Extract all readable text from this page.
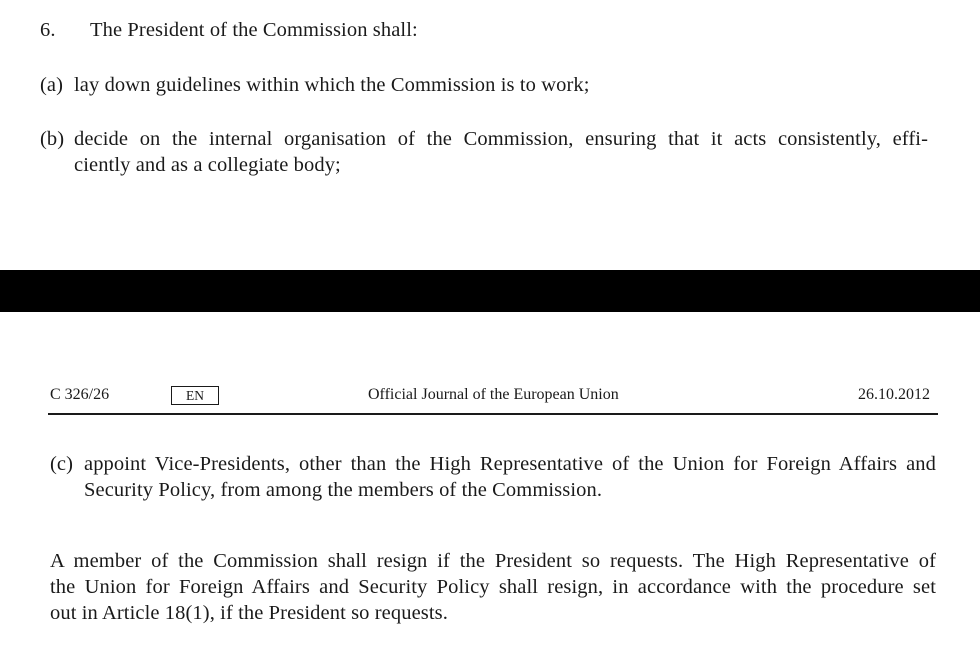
6. The President of the Commission shall:
(a) lay down guidelines within which the Commission is to work;
(b) decide on the internal organisation of the Commission, ensuring that it acts consistently, effi-
ciently and as a collegiate body;
C 326/26	EN	Official Journal of the European Union	26.10.2012
(c) appoint Vice-Presidents, other than the High Representative of the Union for Foreign Affairs and
Security Policy, from among the members of the Commission.
A member of the Commission shall resign if the President so requests. The High Representative of
the Union for Foreign Affairs and Security Policy shall resign, in accordance with the procedure set
out in Article 18(1), if the President so requests.
